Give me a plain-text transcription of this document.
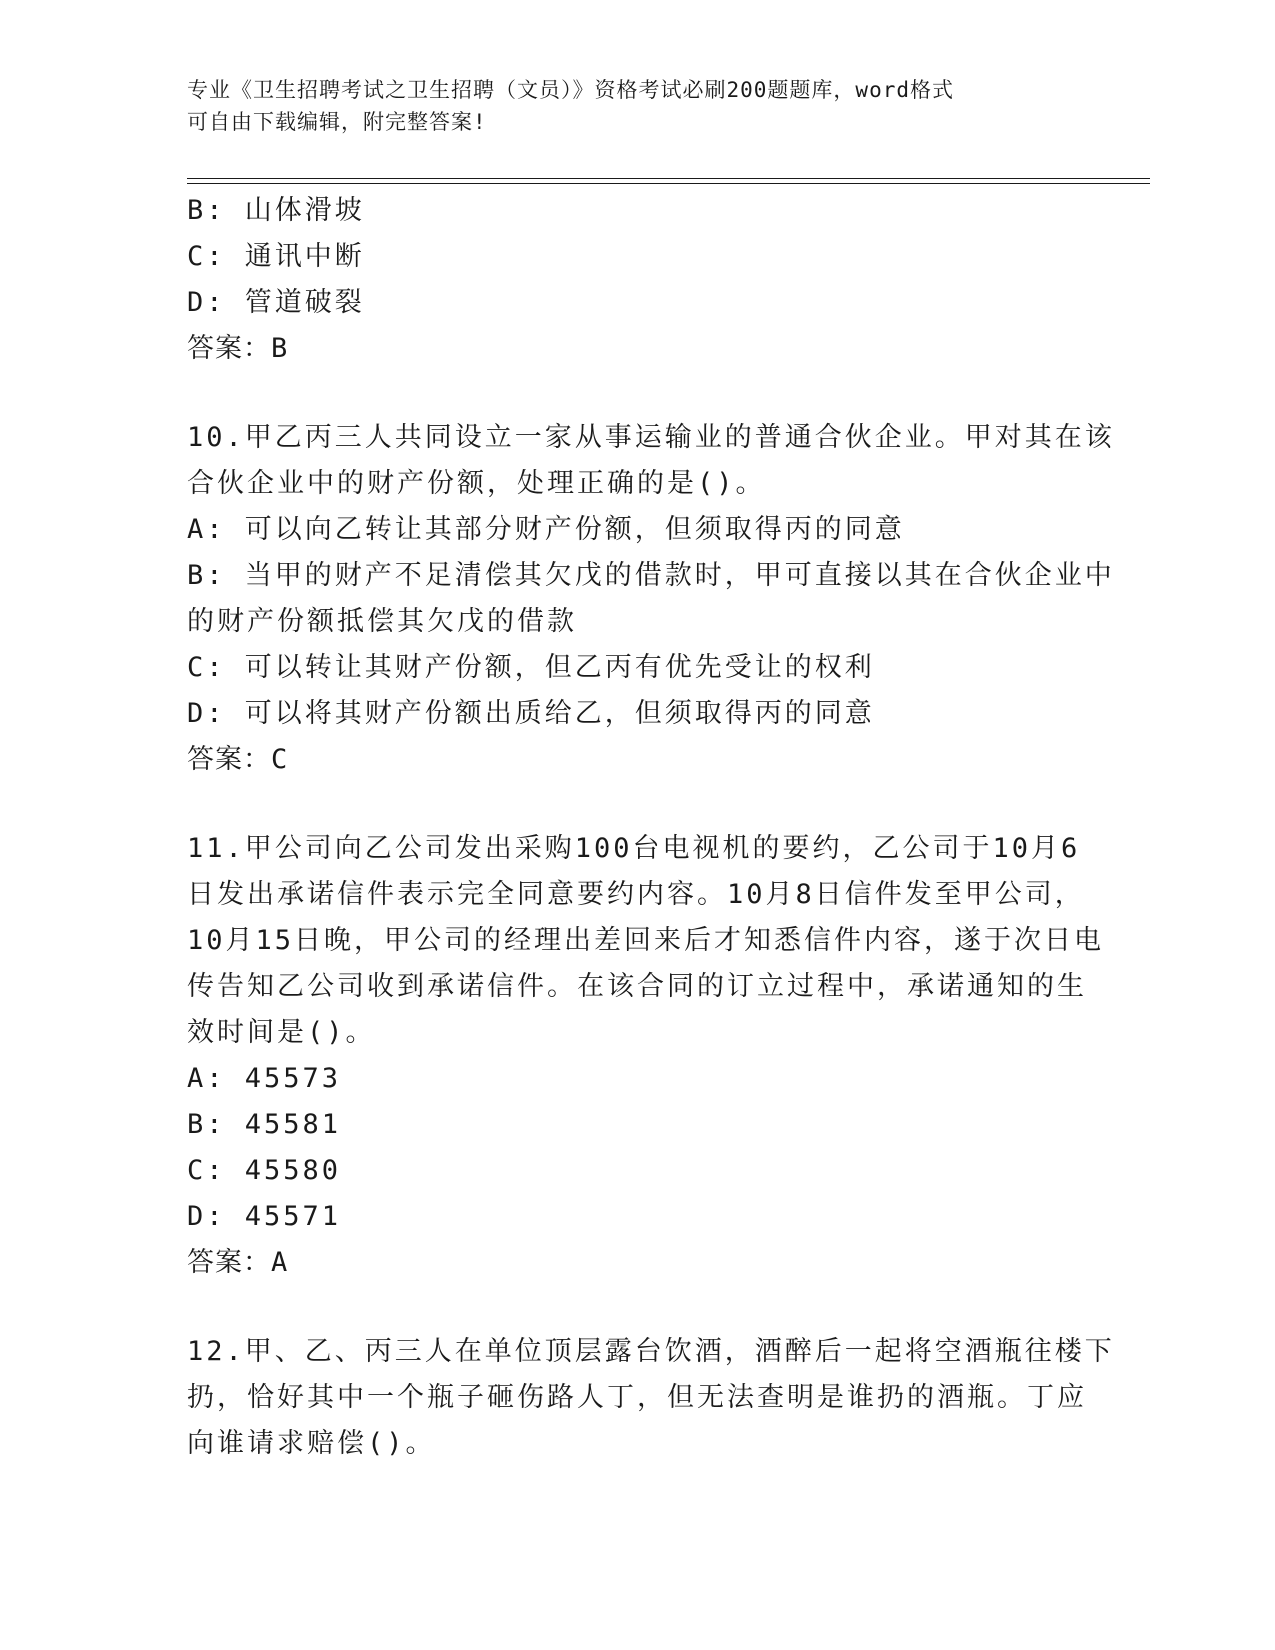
专业《卫生招聘考试之卫生招聘（文员）》资格考试必刷200题题库，word格式
可自由下载编辑，附完整答案!
B: 山体滑坡
C: 通讯中断
D: 管道破裂
答案：B
10.甲乙丙三人共同设立一家从事运输业的普通合伙企业。甲对其在该
合伙企业中的财产份额，处理正确的是()。
A: 可以向乙转让其部分财产份额，但须取得丙的同意
B: 当甲的财产不足清偿其欠戊的借款时，甲可直接以其在合伙企业中
的财产份额抵偿其欠戊的借款
C: 可以转让其财产份额，但乙丙有优先受让的权利
D: 可以将其财产份额出质给乙，但须取得丙的同意
答案：C
11.甲公司向乙公司发出采购100台电视机的要约，乙公司于10月6
日发出承诺信件表示完全同意要约内容。10月8日信件发至甲公司，
10月15日晚，甲公司的经理出差回来后才知悉信件内容，遂于次日电
传告知乙公司收到承诺信件。在该合同的订立过程中，承诺通知的生
效时间是()。
A: 45573
B: 45581
C: 45580
D: 45571
答案：A
12.甲、乙、丙三人在单位顶层露台饮酒，酒醉后一起将空酒瓶往楼下
扔，恰好其中一个瓶子砸伤路人丁，但无法查明是谁扔的酒瓶。丁应
向谁请求赔偿()。
